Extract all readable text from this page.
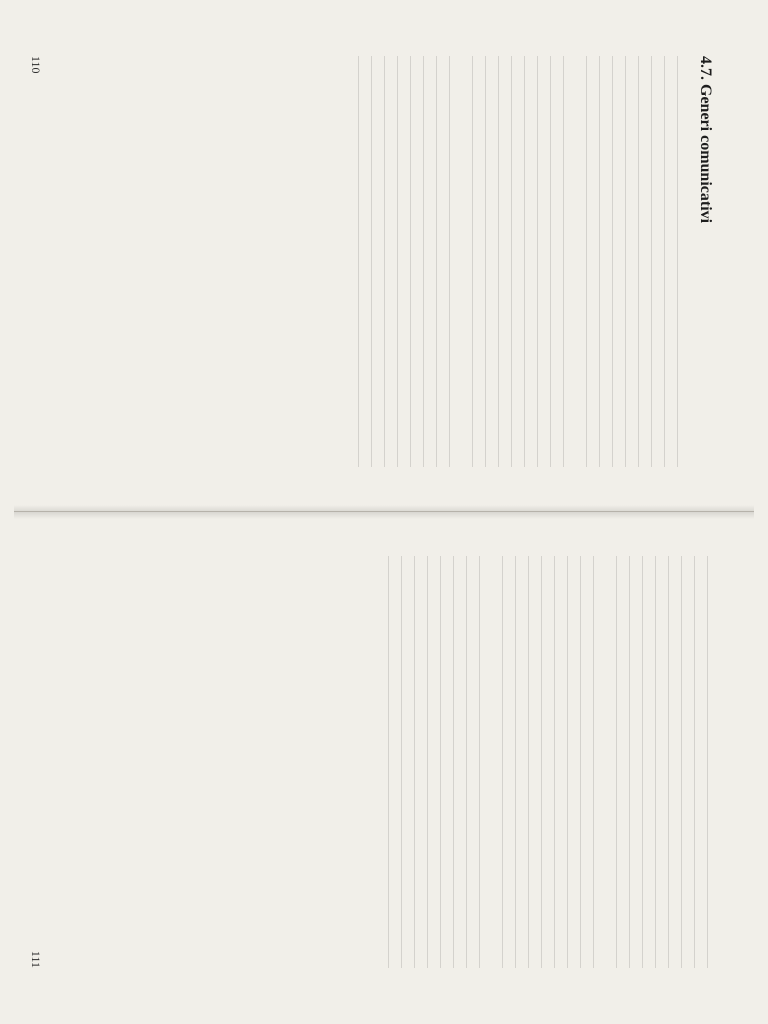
4.7. Generi comunicativi

110

111
